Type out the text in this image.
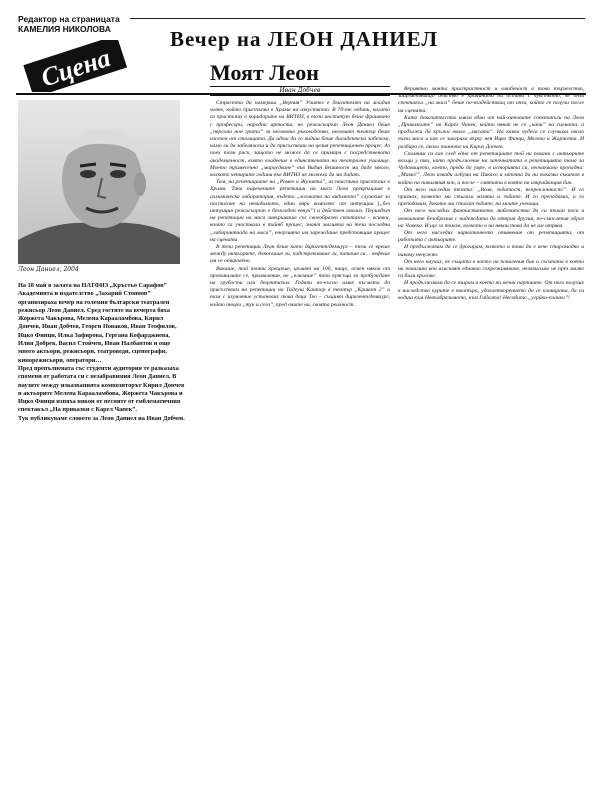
Редактор на страницата
КАМЕЛИЯ НИКОЛОВА
Сцена
Вечер на ЛЕОН ДАНИЕЛ
Леон Даниел, 2004

На 18 май в залата на НАТФИЗ „Кръстьо Сарафов” Академията и издателство „Захарий Стоянов” организираха вечер на големия български театрален режисьор Леон Даниел. Сред гостите на вечерта бяха Жоржета Чакърова, Мелена Карааламбова, Кирил Дончев, Иван Добчев, Георги Новаков, Иван Теофилов, Ицко Финци, Илка Зафирова, Гергана Кофарджиева, Илия Добрев, Васил Стойчев, Иван Налбантов и още много актьори, режисьори, театроведи, сценографи, кинорежисьори, оператори…

Пред препълнената със студенти аудитория те разказаха спомени от работата си с незабравимия Леон Даниел. В паузите между изказванията композиторът Кирил Дончев и актьорите Мелена Карааламбова, Жоржета Чакърова и Ицко Финци изпяха някои от песните от емблематичния спектакъл „На приказки с Карел Чапек”.

Тук публикуваме словото за Леон Даниел на Иван Добчев.

Моят Леон
Иван Добчев

Страстта да намериш „Верния” Учител е двигателят на младия човек, който пристъпва в Храма на изкуството. В 70-те години, когато аз пристъпих в коридорите на ВИТИЗ, в този институт беше фрашкано с професори, народни артисти, но режисьорът Леон Даниел беше „персона нон грата” за неговото ръководство, неговият театър беше изселен от столицата. Да идеш да го видиш беше дисидентска забежка, камо ли да забеляжеш и да присъстваш на целия репетиционен процес. Аз поех този риск, защото не можех да се примиря с посредствената академичност, която владееше в единствената ни театрално училище. Моето тримесечно „мараудване” във Видин бешиност ми даде много, колкото четирите години във ВИТИЗ не можеха да ми дадат.

Там, на репетициите на „Ромео и Жулиета”, аз наистина пристъпих в Храма. Така наречените репетиции на маса Леон превръщаше в алхимическа лаборатория, където „логиката на видимото” служеше за постигане на невидимото, един вяра комплекс от интуиции („без интуиция режисьорът е безплоден евнух”) и действен анализ. Периодът на репетиции на маса завършваше със своеобразен спектакъл – всички, които са участвали в тайнб процес, знаят магията на тези последни „лабиринтиада на маса”, енергията им зареждаше предстоящия процес на сцената.

В тези репетиции Леон беше като диригент/демиург – този се вреше между актьорите, докосваше ги, подстрекаваше ги, питаше ги… кефеше им се откровено.

Викаше, той почти крещеше, целият на 100, нищо, освен някои от провиналите се, прималения, не „влизаше” тези крясъци за пробуждане на грубости или децентизъм. Години по-късно имах късмета да присъствам на репетиции на Тадеуш Кантор в театър „Крикот 2” и там с изумление установих това деца Тео – същият диригент/демиург, който твори „тук и сега”, пред очите ни, своята реалност.

Вероятно моята пристрастност и влюбеност в това тържество, защеметяващо действо е причината да остана с чувството, че онзи спектакъл „на маса” беше по-въздействащ от онзи, който се получи после на сцената.

Като доказателство имам един от най-хитовите спектакъли на Леон „Приказките” на Карел Чапек, който някак не се „качи” на сцената, а продължи да кръжи около „масата”. На каква чудеса се случваха около тази маса и как се заиграха върху нея Ицко Финци, Мелена и Жоржета. И разбира се, около пианото на Кирил Дончев.

Спомням си как след една от репетициите той ни покани с актьорите вкъщи у тях, като продължение на започнатата в репетицията тема за Чудовището, което, преди да умре, в историята си, неочаквано пропадна: „Мамо!”, Леон извади албума на Пикасо и започна да ни показва съкатов в който на повиляния кон, а после – смятата в която на изкрайващия бик.

От него наследих тезата: „Воля, зъбатост, непреклонност!”. И го признах, колкото ми стигаха волята и зъбите. И го преподавах, и го преподавам, докато ми стигат зъбите, на моите ученици.

От него наследих фантастичното любопитство да си тъкан поса в човешките безобразия с надеждата да открия другия, по-смисления образ на Човека. И ще го тъкам, колкото и на някои това да не им отрява.

От него наследих наркотичното опиянение от репетицията, от работата с актьорите.

И продължавам да се дрогирам, колкото и това да е вече старомодно и никому ненужно.

От него научих, че същата в което на повиления бик и съсината в което на повилина кон изисквят еднакво съпреживяване, независимо че през малко са били враговe.

И продължавам да се взирам в което на вечни партиите. От него получих в наследство курите в театъра, удовлетворението да се плинирани, да си водиш към Невъобразимото, към Гибелта! Несобито „угрйки-плачки”!
